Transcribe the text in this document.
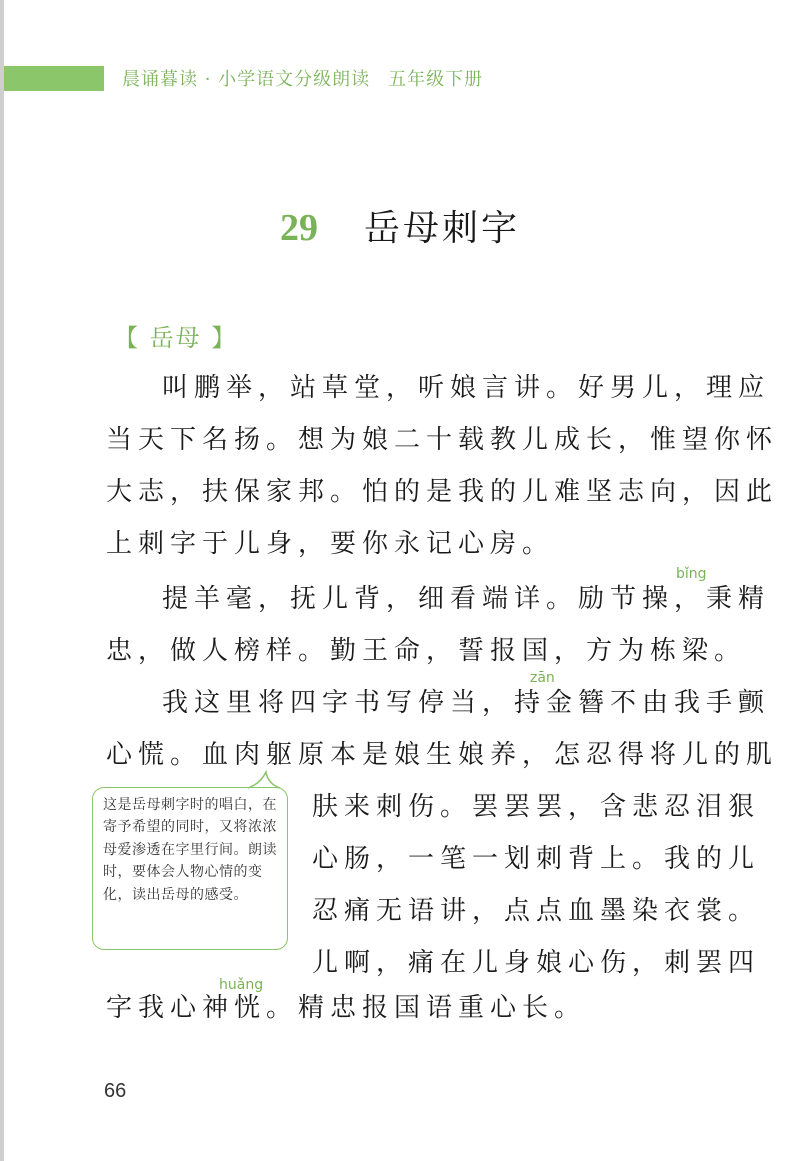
晨诵暮读 · 小学语文分级朗读 五年级下册
29 岳母刺字
【 岳母 】
叫鹏举，站草堂，听娘言讲。好男儿，理应
当天下名扬。想为娘二十载教儿成长，惟望你怀
大志，扶保家邦。怕的是我的儿难坚志向，因此
上刺字于儿身，要你永记心房。
bǐng
提羊毫，抚儿背，细看端详。励节操，秉精
忠，做人榜样。勤王命，誓报国，方为栋梁。
zān
我这里将四字书写停当，持金簪不由我手颤
心慌。血肉躯原本是娘生娘养，怎忍得将儿的肌
肤来刺伤。罢罢罢，含悲忍泪狠
心肠，一笔一划刺背上。我的儿
忍痛无语讲，点点血墨染衣裳。
儿啊，痛在儿身娘心伤，刺罢四
huǎng
字我心神恍。精忠报国语重心长。
这是岳母刺字时的唱白，在寄予希望的同时，又将浓浓母爱渗透在字里行间。朗读时，要体会人物心情的变化，读出岳母的感受。
66
